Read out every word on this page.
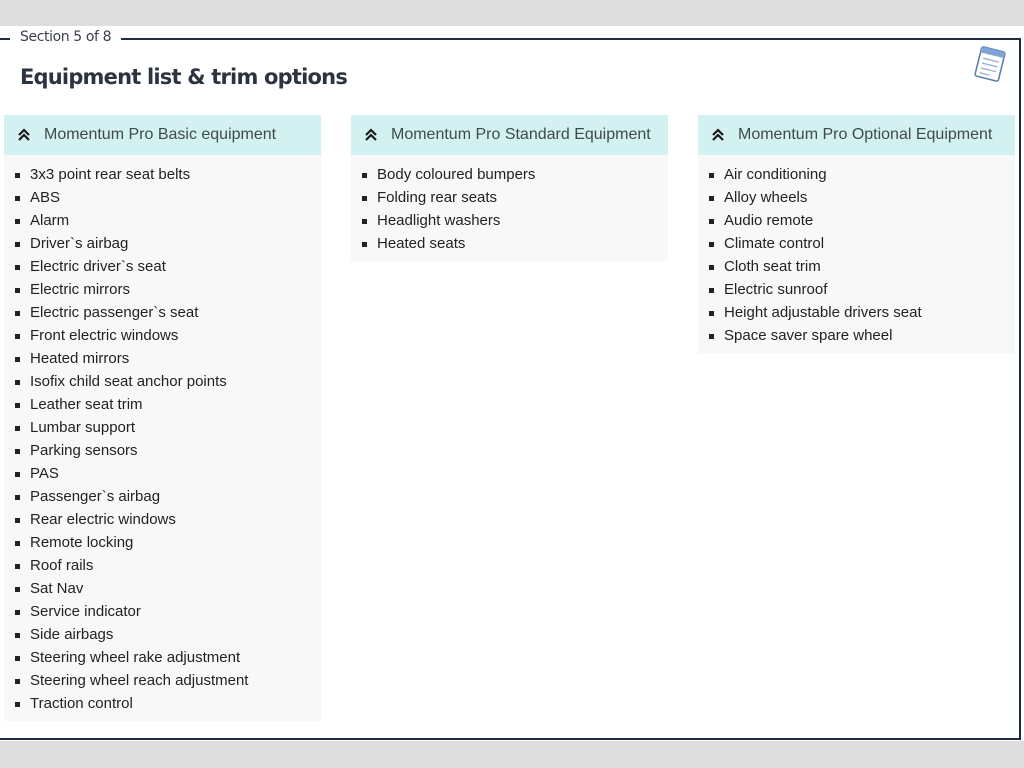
Section 5 of 8
Equipment list & trim options
Momentum Pro Basic equipment
3x3 point rear seat belts
ABS
Alarm
Driver`s airbag
Electric driver`s seat
Electric mirrors
Electric passenger`s seat
Front electric windows
Heated mirrors
Isofix child seat anchor points
Leather seat trim
Lumbar support
Parking sensors
PAS
Passenger`s airbag
Rear electric windows
Remote locking
Roof rails
Sat Nav
Service indicator
Side airbags
Steering wheel rake adjustment
Steering wheel reach adjustment
Traction control
Momentum Pro Standard Equipment
Body coloured bumpers
Folding rear seats
Headlight washers
Heated seats
Momentum Pro Optional Equipment
Air conditioning
Alloy wheels
Audio remote
Climate control
Cloth seat trim
Electric sunroof
Height adjustable drivers seat
Space saver spare wheel
